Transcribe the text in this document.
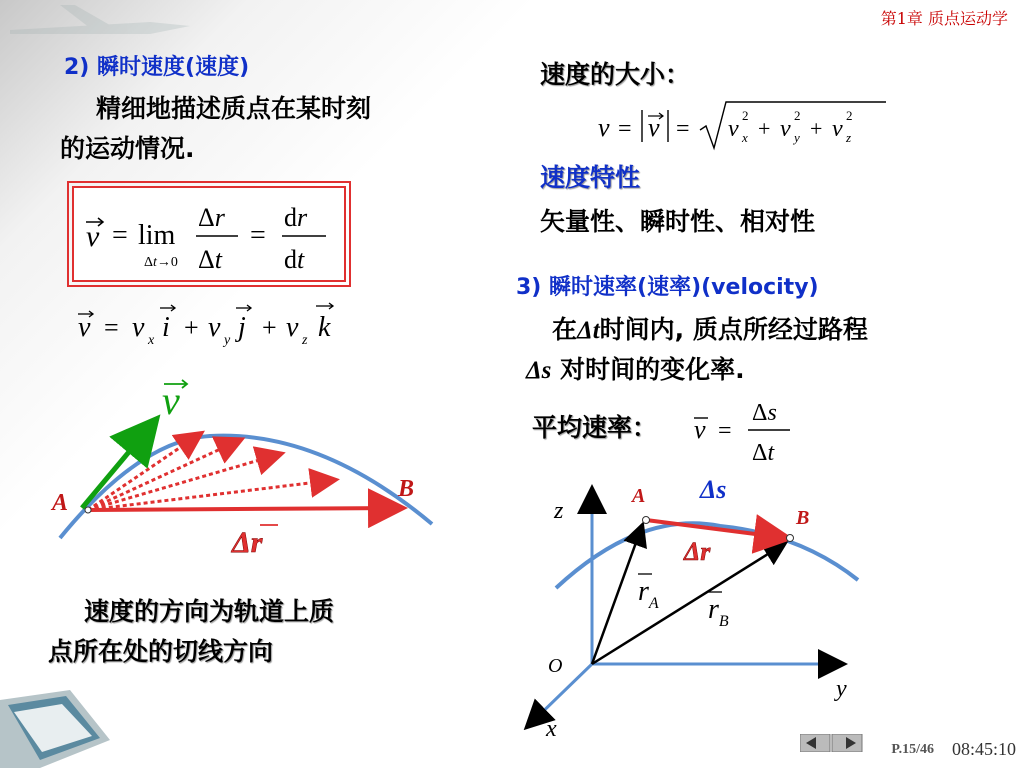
第1章 质点运动学
2) 瞬时速度(速度)
精细地描述质点在某时刻
的运动情况.
v = lim
Δt→0
Δr
Δt
=
dr
dt
v = v x i + v y j + v z k
A
B
v
Δr
速度的方向为轨道上质
点所在处的切线方向
速度的大小：
v = v = v
2
x + v
2
y + v
2
z
速度特性
矢量性、瞬时性、相对性
3) 瞬时速率(速率)(velocity)
在Δt时间内, 质点所经过路程
Δs 对时间的变化率.
平均速率： v =
Δs
Δt
z
x
y
O
A
B
Δs
Δr
$r_A$ $r_B$
P.15/46 08:45:10
